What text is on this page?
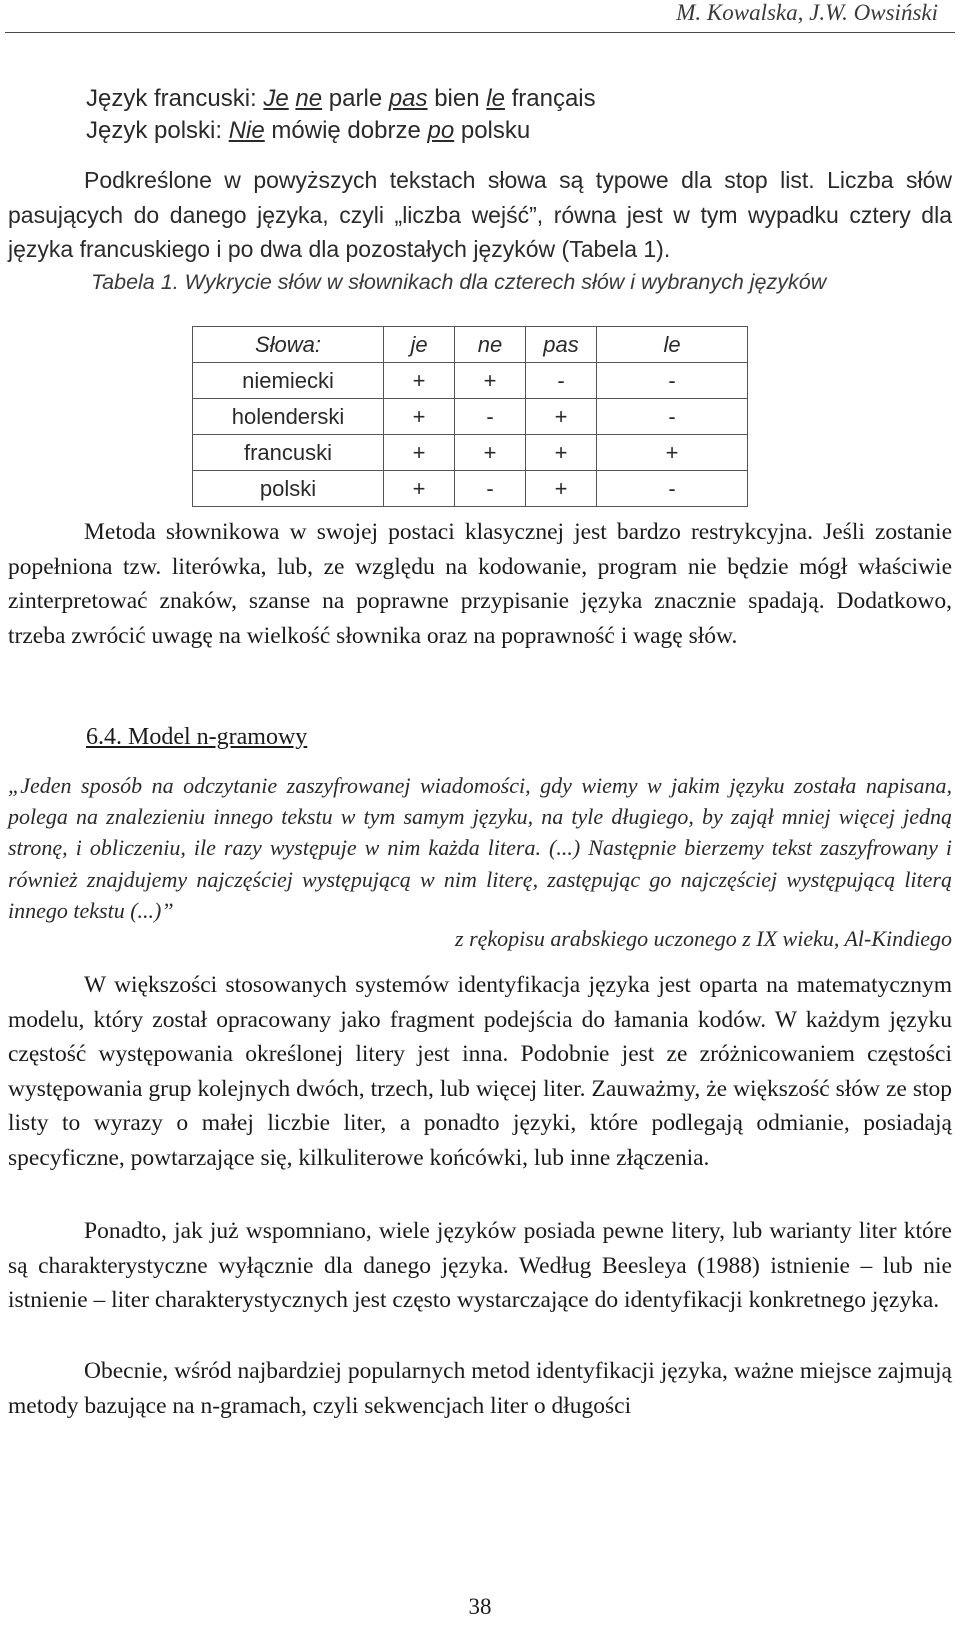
M. Kowalska, J.W. Owsiński
Język francuski: Je ne parle pas bien le français
Język polski: Nie mówię dobrze po polsku
Podkreślone w powyższych tekstach słowa są typowe dla stop list. Liczba słów pasujących do danego języka, czyli „liczba wejść”, równa jest w tym wypadku cztery dla języka francuskiego i po dwa dla pozostałych języków (Tabela 1).
Tabela 1. Wykrycie słów w słownikach dla czterech słów i wybranych języków
Słowa:	je	ne	pas	le
niemiecki	+	+	-	-
holenderski	+	-	+	-
francuski	+	+	+	+
polski	+	-	+	-
Metoda słownikowa w swojej postaci klasycznej jest bardzo restrykcyjna. Jeśli zostanie popełniona tzw. literówka, lub, ze względu na kodowanie, program nie będzie mógł właściwie zinterpretować znaków, szanse na poprawne przypisanie języka znacznie spadają. Dodatkowo, trzeba zwrócić uwagę na wielkość słownika oraz na poprawność i wagę słów.
6.4. Model n-gramowy
„Jeden sposób na odczytanie zaszyfrowanej wiadomości, gdy wiemy w jakim języku została napisana, polega na znalezieniu innego tekstu w tym samym języku, na tyle długiego, by zajął mniej więcej jedną stronę, i obliczeniu, ile razy występuje w nim każda litera. (...) Następnie bierzemy tekst zaszyfrowany i również znajdujemy najczęściej występującą w nim literę, zastępując go najczęściej występującą literą innego tekstu (...)”
z rękopisu arabskiego uczonego z IX wieku, Al-Kindiego
W większości stosowanych systemów identyfikacja języka jest oparta na matematycznym modelu, który został opracowany jako fragment podejścia do łamania kodów. W każdym języku częstość występowania określonej litery jest inna. Podobnie jest ze zróżnicowaniem częstości występowania grup kolejnych dwóch, trzech, lub więcej liter. Zauważmy, że większość słów ze stop listy to wyrazy o małej liczbie liter, a ponadto języki, które podlegają odmianie, posiadają specyficzne, powtarzające się, kilkuliterowe końcówki, lub inne złączenia.
Ponadto, jak już wspomniano, wiele języków posiada pewne litery, lub warianty liter które są charakterystyczne wyłącznie dla danego języka. Według Beesleya (1988) istnienie – lub nie istnienie – liter charakterystycznych jest często wystarczające do identyfikacji konkretnego języka.
Obecnie, wśród najbardziej popularnych metod identyfikacji języka, ważne miejsce zajmują metody bazujące na n-gramach, czyli sekwencjach liter o długości
38
